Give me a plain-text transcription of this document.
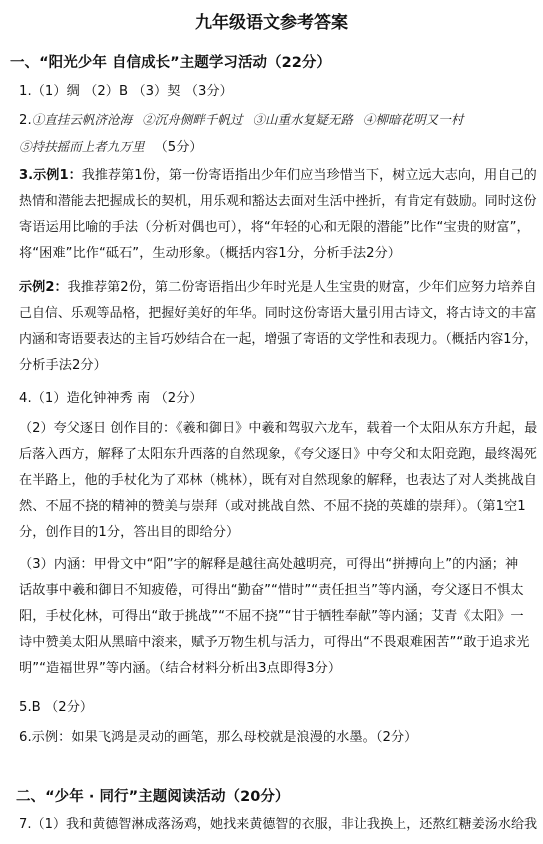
九年级语文参考答案
一、“阳光少年 自信成长”主题学习活动（22分）
1.（1）绸 （2）B （3）契 （3分）
2.①直挂云帆济沧海 ②沉舟侧畔千帆过 ③山重水复疑无路 ④柳暗花明又一村
⑤持扶摇而上者九万里 （5分）
3.示例1：我推荐第1份，第一份寄语指出少年们应当珍惜当下，树立远大志向，用自己的
热情和潜能去把握成长的契机，用乐观和豁达去面对生活中挫折，有肯定有鼓励。同时这份
寄语运用比喻的手法（分析对偶也可），将“年轻的心和无限的潜能”比作“宝贵的财富”，
将“困难”比作“砥石”，生动形象。（概括内容1分，分析手法2分）
示例2：我推荐第2份，第二份寄语指出少年时光是人生宝贵的财富，少年们应努力培养自
己自信、乐观等品格，把握好美好的年华。同时这份寄语大量引用古诗文，将古诗文的丰富
内涵和寄语要表达的主旨巧妙结合在一起，增强了寄语的文学性和表现力。（概括内容1分，
分析手法2分）
4.（1）造化钟神秀 南 （2分）
（2）夸父逐日 创作目的：《羲和御日》中羲和驾驭六龙车，载着一个太阳从东方升起，最
后落入西方，解释了太阳东升西落的自然现象，《夸父逐日》中夸父和太阳竞跑，最终渴死
在半路上，他的手杖化为了邓林（桃林），既有对自然现象的解释，也表达了对人类挑战自
然、不屈不挠的精神的赞美与崇拜（或对挑战自然、不屈不挠的英雄的崇拜）。（第1空1
分，创作目的1分，答出目的即给分）
（3）内涵：甲骨文中“阳”字的解释是越往高处越明亮，可得出“拼搏向上”的内涵；神
话故事中羲和御日不知疲倦，可得出“勤奋”“惜时”“责任担当”等内涵，夸父逐日不惧太
阳，手杖化林，可得出“敢于挑战”“不屈不挠”“甘于牺牲奉献”等内涵；艾青《太阳》一
诗中赞美太阳从黑暗中滚来，赋予万物生机与活力，可得出“不畏艰难困苦”“敢于追求光
明”“造福世界”等内涵。（结合材料分析出3点即得3分）
5.B （2分）
6.示例：如果飞鸿是灵动的画笔，那么母校就是浪漫的水墨。（2分）
二、“少年 · 同行”主题阅读活动（20分）
7.（1）我和黄德智淋成落汤鸡，她找来黄德智的衣服，非让我换上，还熬红糖姜汤水给我
